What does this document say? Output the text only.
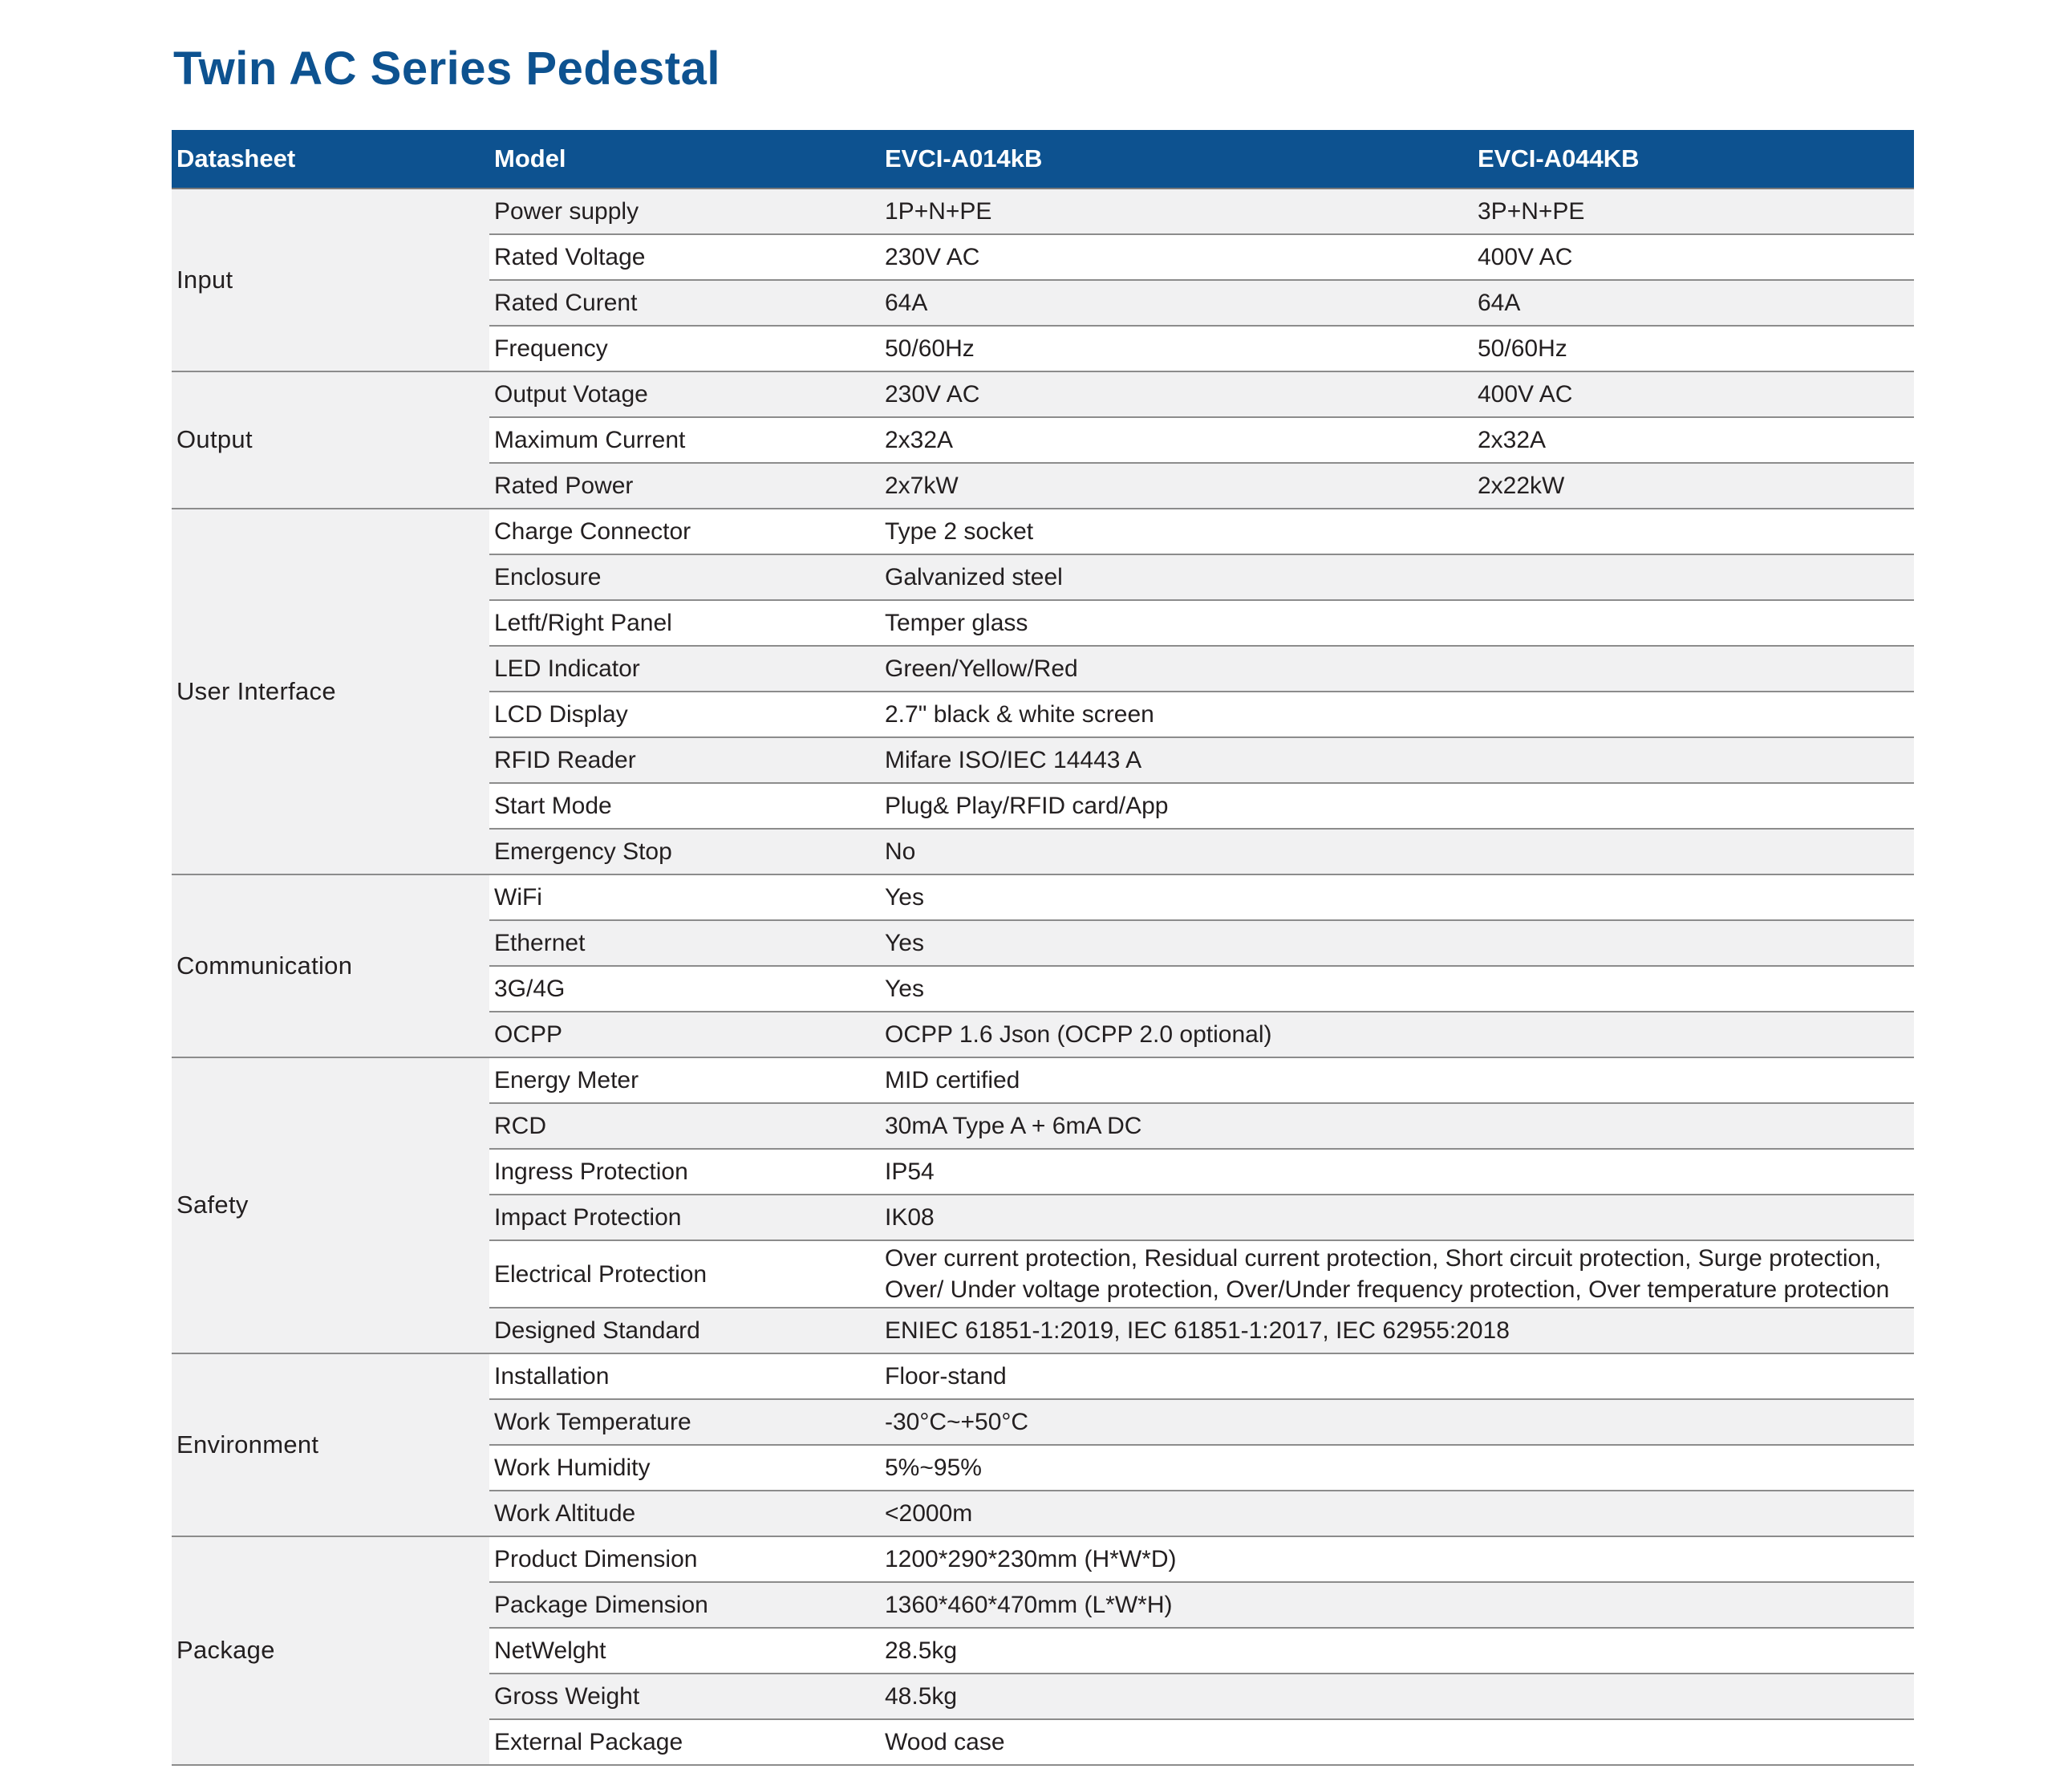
Twin AC Series Pedestal
Datasheet	Model	EVCI-A014kB	EVCI-A044KB
Input	Power supply	1P+N+PE	3P+N+PE
	Rated Voltage	230V AC	400V AC
	Rated Curent	64A	64A
	Frequency	50/60Hz	50/60Hz
Output	Output Votage	230V AC	400V AC
	Maximum Current	2x32A	2x32A
	Rated Power	2x7kW	2x22kW
User Interface	Charge Connector	Type 2 socket	
	Enclosure	Galvanized steel	
	Letft/Right Panel	Temper glass	
	LED Indicator	Green/Yellow/Red	
	LCD Display	2.7" black & white screen	
	RFID Reader	Mifare ISO/IEC 14443 A	
	Start Mode	Plug& Play/RFID card/App	
	Emergency Stop	No	
Communication	WiFi	Yes	
	Ethernet	Yes	
	3G/4G	Yes	
	OCPP	OCPP 1.6 Json (OCPP 2.0 optional)	
Safety	Energy Meter	MID certified	
	RCD	30mA Type A + 6mA DC	
	Ingress Protection	IP54	
	Impact Protection	IK08	
	Electrical Protection	Over current protection, Residual current protection, Short circuit protection, Surge protection, Over/ Under voltage protection, Over/Under frequency protection, Over temperature protection	
	Designed Standard	ENIEC 61851-1:2019, IEC 61851-1:2017, IEC 62955:2018	
Environment	Installation	Floor-stand	
	Work Temperature	-30°C~+50°C	
	Work Humidity	5%~95%	
	Work Altitude	<2000m	
Package	Product Dimension	1200*290*230mm (H*W*D)	
	Package Dimension	1360*460*470mm (L*W*H)	
	NetWelght	28.5kg	
	Gross Weight	48.5kg	
	External Package	Wood case	
